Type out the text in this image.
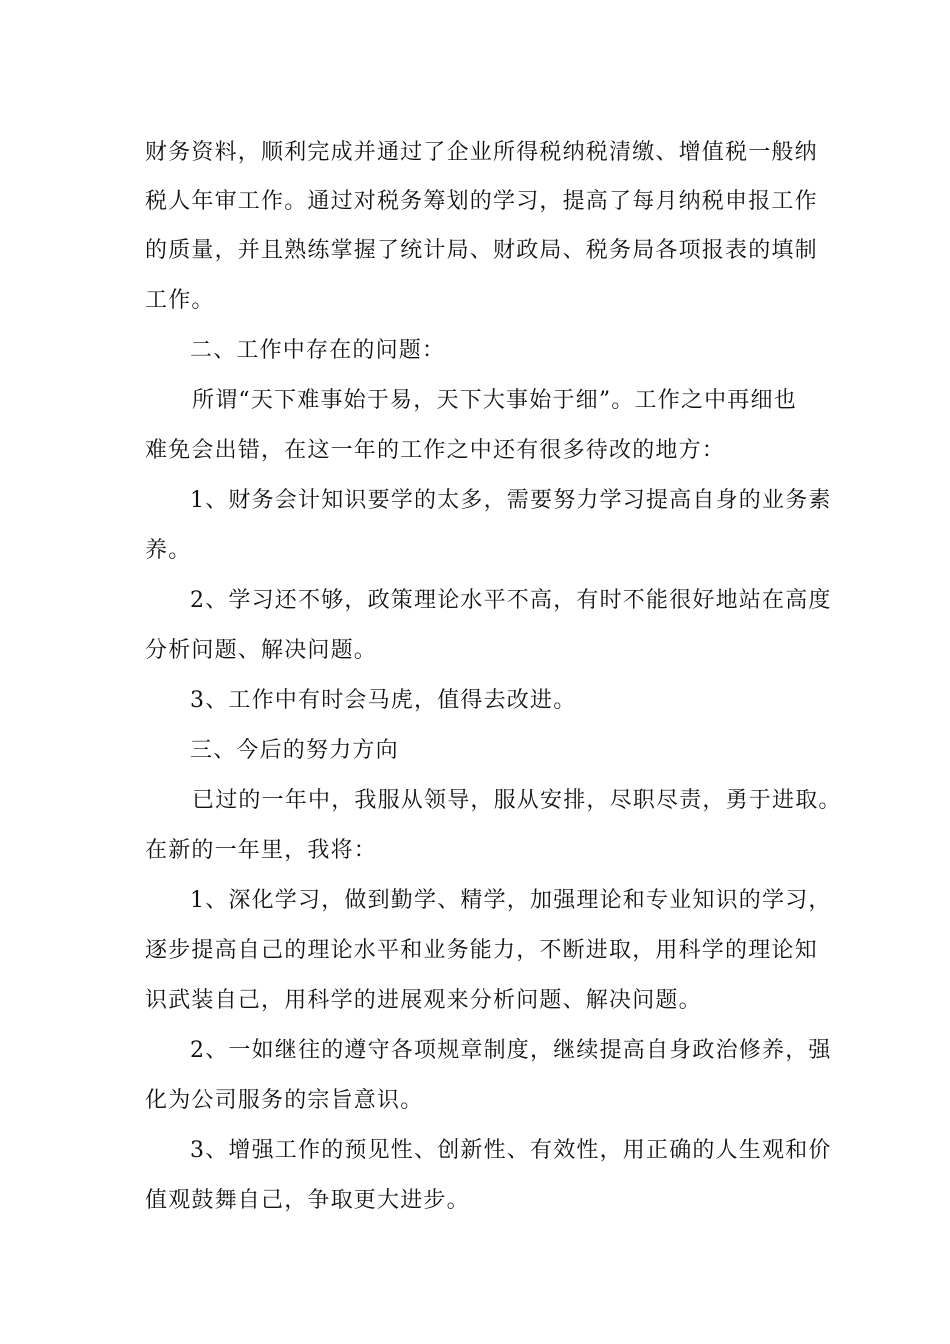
财务资料，顺利完成并通过了企业所得税纳税清缴、增值税一般纳
税人年审工作。通过对税务筹划的学习，提高了每月纳税申报工作
的质量，并且熟练掌握了统计局、财政局、税务局各项报表的填制
工作。
二、工作中存在的问题：
所谓“天下难事始于易，天下大事始于细”。工作之中再细也
难免会出错，在这一年的工作之中还有很多待改的地方：
1、财务会计知识要学的太多，需要努力学习提高自身的业务素
养。
2、学习还不够，政策理论水平不高，有时不能很好地站在高度
分析问题、解决问题。
3、工作中有时会马虎，值得去改进。
三、今后的努力方向
已过的一年中，我服从领导，服从安排，尽职尽责，勇于进取。
在新的一年里，我将：
1、深化学习，做到勤学、精学，加强理论和专业知识的学习，
逐步提高自己的理论水平和业务能力，不断进取，用科学的理论知
识武装自己，用科学的进展观来分析问题、解决问题。
2、一如继往的遵守各项规章制度，继续提高自身政治修养，强
化为公司服务的宗旨意识。
3、增强工作的预见性、创新性、有效性，用正确的人生观和价
值观鼓舞自己，争取更大进步。
